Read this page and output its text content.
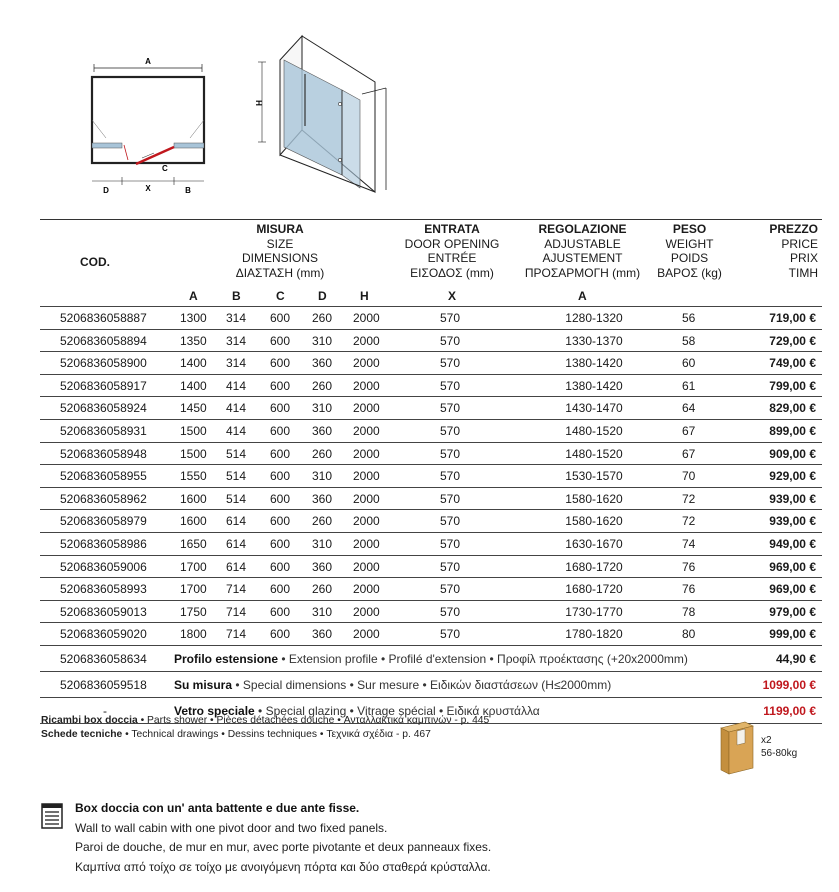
A
C
D	X	B
H
COD.
MISURA
SIZE
DIMENSIONS
ΔΙΑΣΤΑΣΗ (mm)
ENTRATA
DOOR OPENING
ENTRÉE
ΕΙΣΟΔΟΣ (mm)
REGOLAZIONE
ADJUSTABLE
AJUSTEMENT
ΠΡΟΣΑΡΜΟΓΗ (mm)
PESO
WEIGHT
POIDS
ΒΑΡΟΣ (kg)
PREZZO
PRICE
PRIX
ΤΙΜΗ
A	B	C	D	H	X	A
5206836058887	1300 314 600 260 2000	570	1280-1320	56	719,00 €
5206836058894	1350 314 600 310 2000	570	1330-1370	58	729,00 €
5206836058900	1400 314 600 360 2000	570	1380-1420	60	749,00 €
5206836058917	1400 414 600 260 2000	570	1380-1420	61	799,00 €
5206836058924	1450 414 600 310 2000	570	1430-1470	64	829,00 €
5206836058931	1500 414 600 360 2000	570	1480-1520	67	899,00 €
5206836058948	1500 514 600 260 2000	570	1480-1520	67	909,00 €
5206836058955	1550 514 600 310 2000	570	1530-1570	70	929,00 €
5206836058962	1600 514 600 360 2000	570	1580-1620	72	939,00 €
5206836058979	1600 614 600 260 2000	570	1580-1620	72	939,00 €
5206836058986	1650 614 600 310 2000	570	1630-1670	74	949,00 €
5206836059006	1700 614 600 360 2000	570	1680-1720	76	969,00 €
5206836058993	1700 714 600 260 2000	570	1680-1720	76	969,00 €
5206836059013	1750 714 600 310 2000	570	1730-1770	78	979,00 €
5206836059020	1800 714 600 360 2000	570	1780-1820	80	999,00 €
5206836058634 Profilo estensione • Extension profile • Profilé d'extension • Προφίλ προέκτασης (+20x2000mm)	44,90 €
5206836059518 Su misura • Special dimensions • Sur mesure • Ειδικών διαστάσεων (H≤2000mm)	1099,00 €
-	Vetro speciale • Special glazing • Vitrage spécial • Ειδικά κρυστάλλα	1199,00 €
Ricambi box doccia • Parts shower • Pièces détachées douche • Ανταλλακτικά καμπινών - p. 445
Schede tecniche • Technical drawings • Dessins techniques • Τεχνικά σχέδια - p. 467
x2
56-80kg
Box doccia con un' anta battente e due ante fisse.
Wall to wall cabin with one pivot door and two fixed panels.
Paroi de douche, de mur en mur, avec porte pivotante et deux panneaux fixes.
Καμπίνα από τοίχο σε τοίχο με ανοιγόμενη πόρτα και δύο σταθερά κρύσταλλα.
